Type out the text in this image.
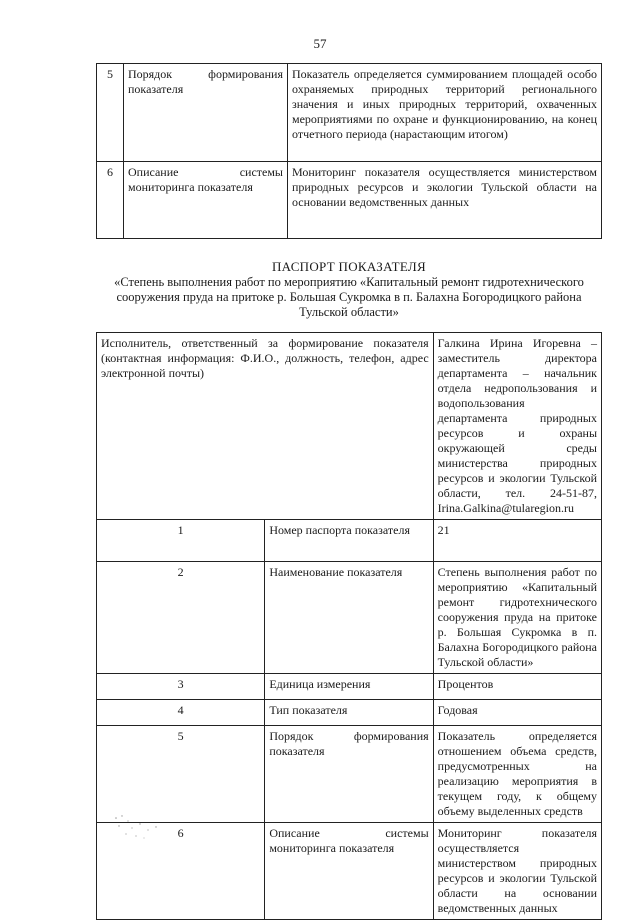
57
5	Порядок формирования показателя	Показатель определяется суммированием площадей особо охраняемых природных территорий регионального значения и иных природных территорий, охваченных мероприятиями по охране и функционированию, на конец отчетного периода (нарастающим итогом)
6	Описание системы мониторинга показателя	Мониторинг показателя осуществляется министерством природных ресурсов и экологии Тульской области на основании ведомственных данных
ПАСПОРТ ПОКАЗАТЕЛЯ
«Степень выполнения работ по мероприятию «Капитальный ремонт гидротехнического сооружения пруда на притоке р. Большая Сукромка в п. Балахна Богородицкого района Тульской области»
Исполнитель, ответственный за формирование показателя (контактная информация: Ф.И.О., должность, телефон, адрес электронной почты)		Галкина Ирина Игоревна – заместитель директора департамента – начальник отдела недропользования и водопользования департамента природных ресурсов и охраны окружающей среды министерства природных ресурсов и экологии Тульской области, тел. 24-51-87, Irina.Galkina@tularegion.ru
1	Номер паспорта показателя	21
2	Наименование показателя	Степень выполнения работ по мероприятию «Капитальный ремонт гидротехнического сооружения пруда на притоке р. Большая Сукромка в п. Балахна Богородицкого района Тульской области»
3	Единица измерения	Процентов
4	Тип показателя	Годовая
5	Порядок формирования показателя	Показатель определяется отношением объема средств, предусмотренных на реализацию мероприятия в текущем году, к общему объему выделенных средств
6	Описание системы мониторинга показателя	Мониторинг показателя осуществляется министерством природных ресурсов и экологии Тульской области на основании ведомственных данных
